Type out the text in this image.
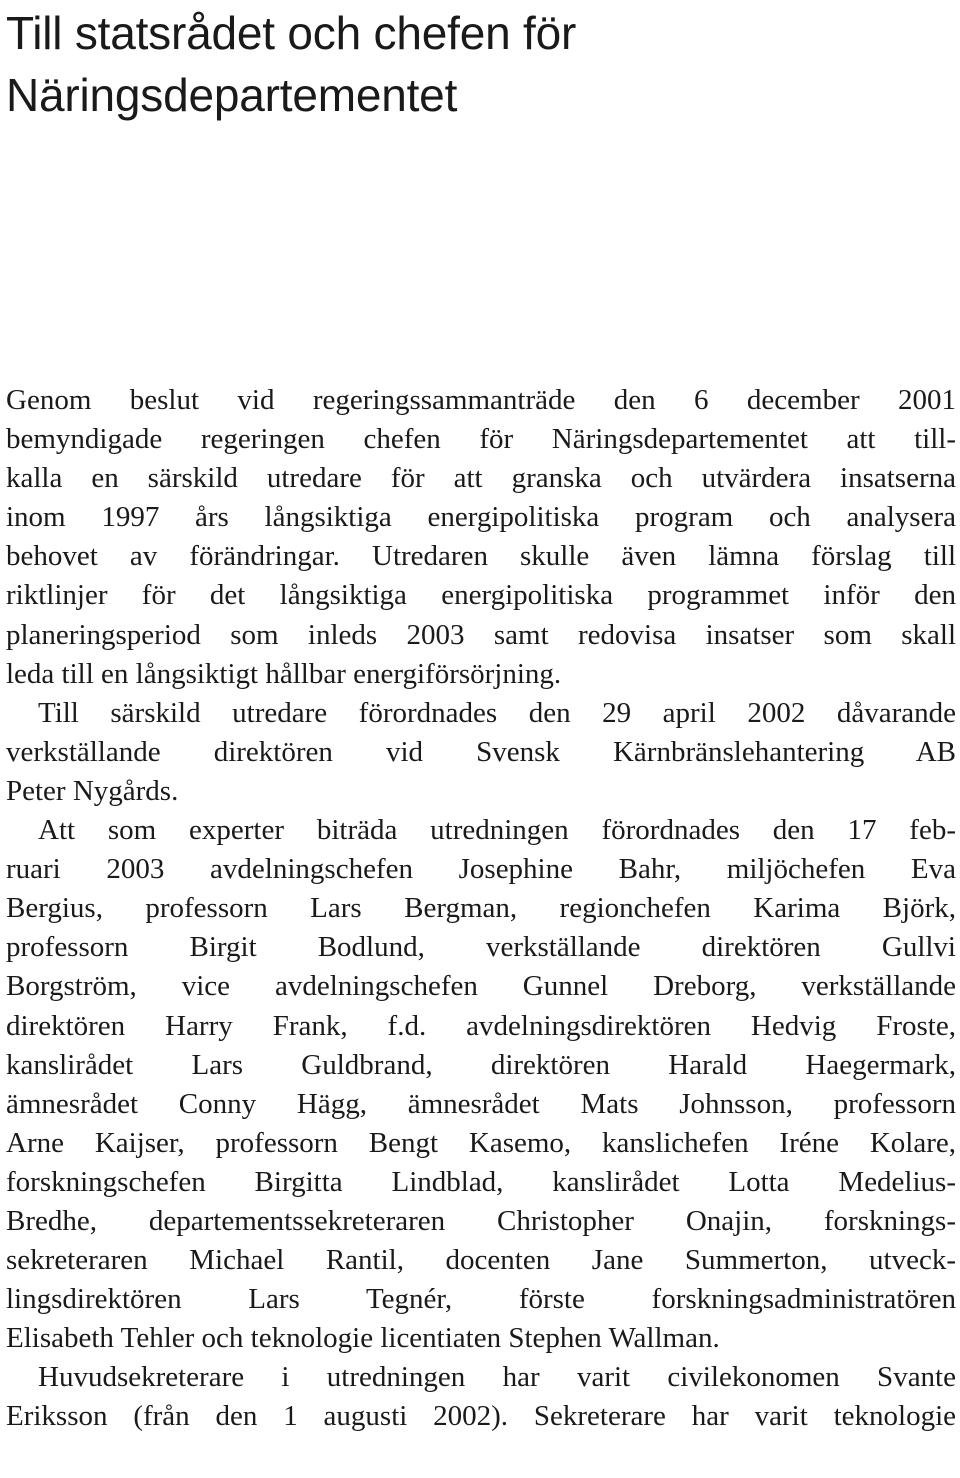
Till statsrådet och chefen för
Näringsdepartementet
Genom beslut vid regeringssammanträde den 6 december 2001
bemyndigade regeringen chefen för Näringsdepartementet att till-
kalla en särskild utredare för att granska och utvärdera insatserna
inom 1997 års långsiktiga energipolitiska program och analysera
behovet av förändringar. Utredaren skulle även lämna förslag till
riktlinjer för det långsiktiga energipolitiska programmet inför den
planeringsperiod som inleds 2003 samt redovisa insatser som skall
leda till en långsiktigt hållbar energiförsörjning.
Till särskild utredare förordnades den 29 april 2002 dåvarande
verkställande direktören vid Svensk Kärnbränslehantering AB
Peter Nygårds.
Att som experter biträda utredningen förordnades den 17 feb-
ruari 2003 avdelningschefen Josephine Bahr, miljöchefen Eva
Bergius, professorn Lars Bergman, regionchefen Karima Björk,
professorn Birgit Bodlund, verkställande direktören Gullvi
Borgström, vice avdelningschefen Gunnel Dreborg, verkställande
direktören Harry Frank, f.d. avdelningsdirektören Hedvig Froste,
kanslirådet Lars Guldbrand, direktören Harald Haegermark,
ämnesrådet Conny Hägg, ämnesrådet Mats Johnsson, professorn
Arne Kaijser, professorn Bengt Kasemo, kanslichefen Iréne Kolare,
forskningschefen Birgitta Lindblad, kanslirådet Lotta Medelius-
Bredhe, departementssekreteraren Christopher Onajin, forsknings-
sekreteraren Michael Rantil, docenten Jane Summerton, utveck-
lingsdirektören Lars Tegnér, förste forskningsadministratören
Elisabeth Tehler och teknologie licentiaten Stephen Wallman.
Huvudsekreterare i utredningen har varit civilekonomen Svante
Eriksson (från den 1 augusti 2002). Sekreterare har varit teknologie
